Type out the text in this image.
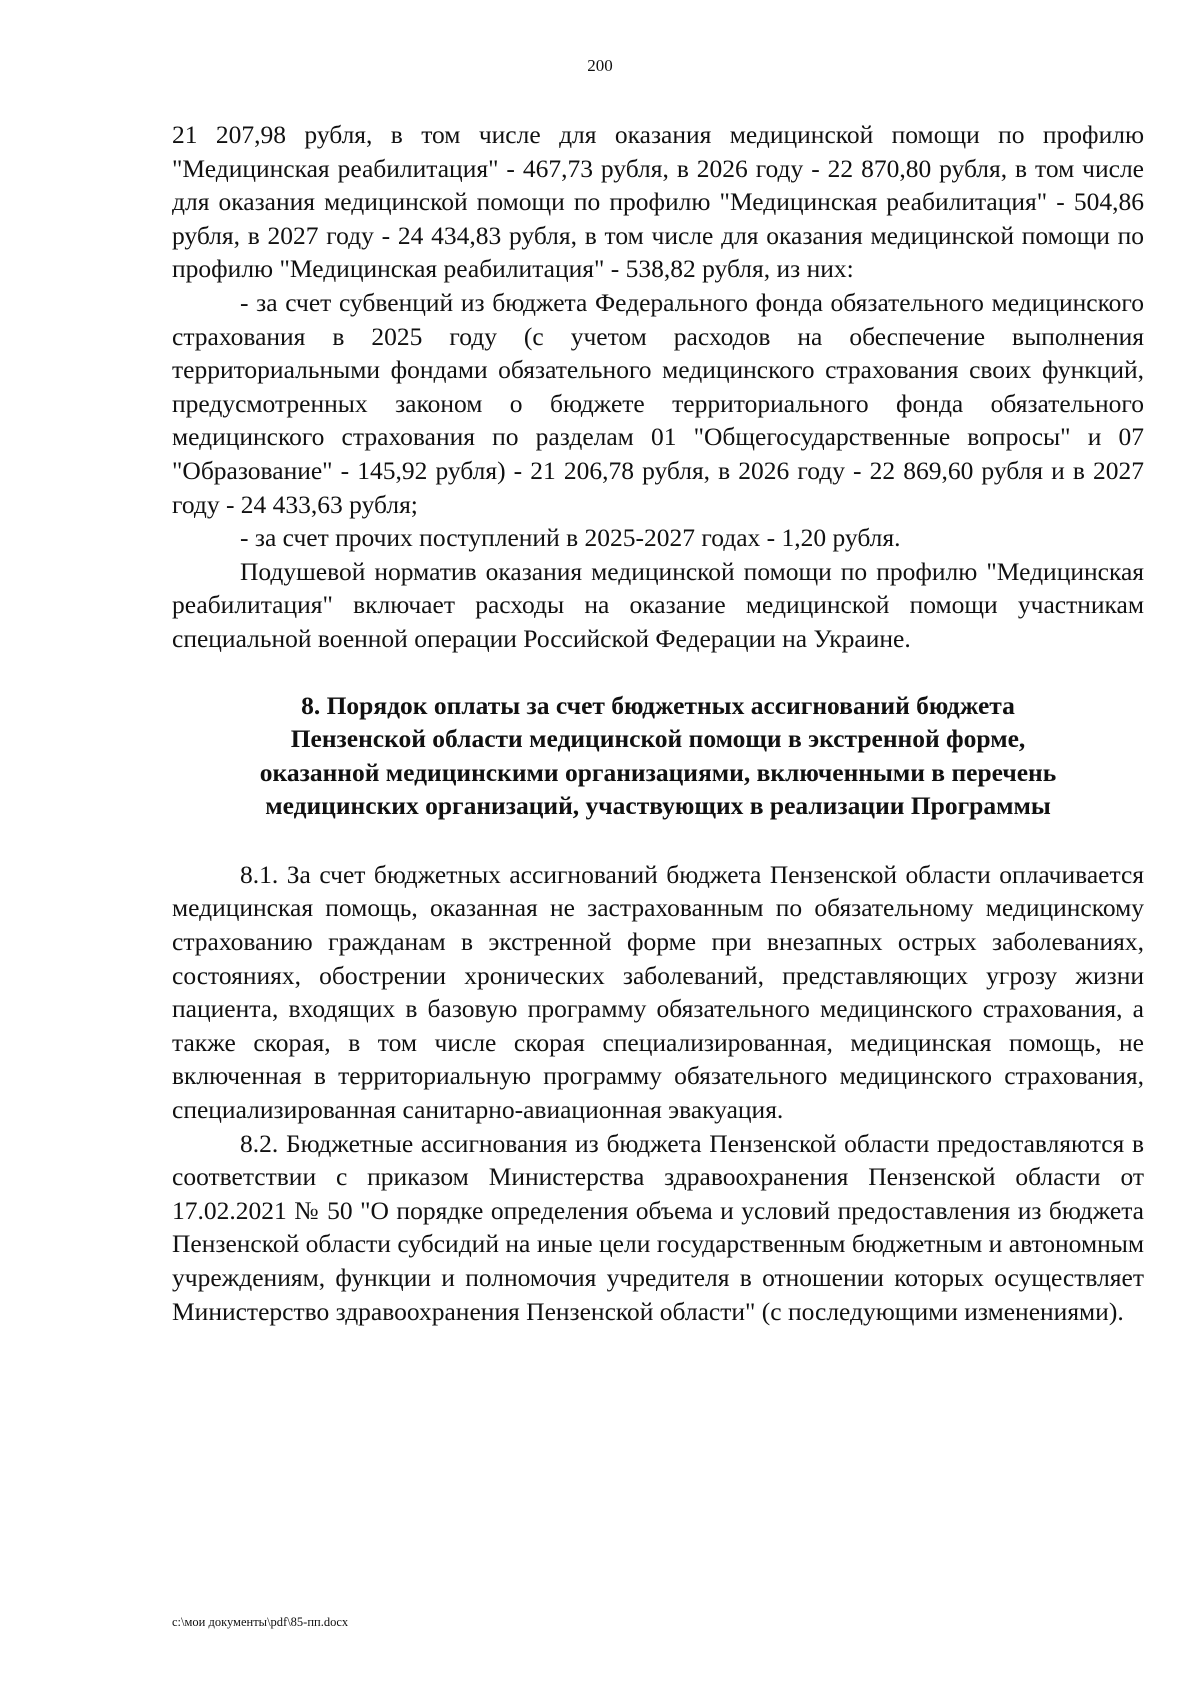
200

21 207,98 рубля, в том числе для оказания медицинской помощи по профилю "Медицинская реабилитация" - 467,73 рубля, в 2026 году - 22 870,80 рубля, в том числе для оказания медицинской помощи по профилю "Медицинская реабилитация" - 504,86 рубля, в 2027 году - 24 434,83 рубля, в том числе для оказания медицинской помощи по профилю "Медицинская реабилитация" - 538,82 рубля, из них:

- за счет субвенций из бюджета Федерального фонда обязательного медицинского страхования в 2025 году (с учетом расходов на обеспечение выполнения территориальными фондами обязательного медицинского страхования своих функций, предусмотренных законом о бюджете территориального фонда обязательного медицинского страхования по разделам 01 "Общегосударственные вопросы" и 07 "Образование" - 145,92 рубля) - 21 206,78 рубля, в 2026 году - 22 869,60 рубля и в 2027 году - 24 433,63 рубля;

- за счет прочих поступлений в 2025-2027 годах - 1,20 рубля.

Подушевой норматив оказания медицинской помощи по профилю "Медицинская реабилитация" включает расходы на оказание медицинской помощи участникам специальной военной операции Российской Федерации на Украине.

8. Порядок оплаты за счет бюджетных ассигнований бюджета
Пензенской области медицинской помощи в экстренной форме,
оказанной медицинскими организациями, включенными в перечень
медицинских организаций, участвующих в реализации Программы

8.1. За счет бюджетных ассигнований бюджета Пензенской области оплачивается медицинская помощь, оказанная не застрахованным по обязательному медицинскому страхованию гражданам в экстренной форме при внезапных острых заболеваниях, состояниях, обострении хронических заболеваний, представляющих угрозу жизни пациента, входящих в базовую программу обязательного медицинского страхования, а также скорая, в том числе скорая специализированная, медицинская помощь, не включенная в территориальную программу обязательного медицинского страхования, специализированная санитарно-авиационная эвакуация.

8.2. Бюджетные ассигнования из бюджета Пензенской области предоставляются в соответствии с приказом Министерства здравоохранения Пензенской области от 17.02.2021 № 50 "О порядке определения объема и условий предоставления из бюджета Пензенской области субсидий на иные цели государственным бюджетным и автономным учреждениям, функции и полномочия учредителя в отношении которых осуществляет Министерство здравоохранения Пензенской области" (с последующими изменениями).

c:\мои документы\pdf\85-пп.docx
